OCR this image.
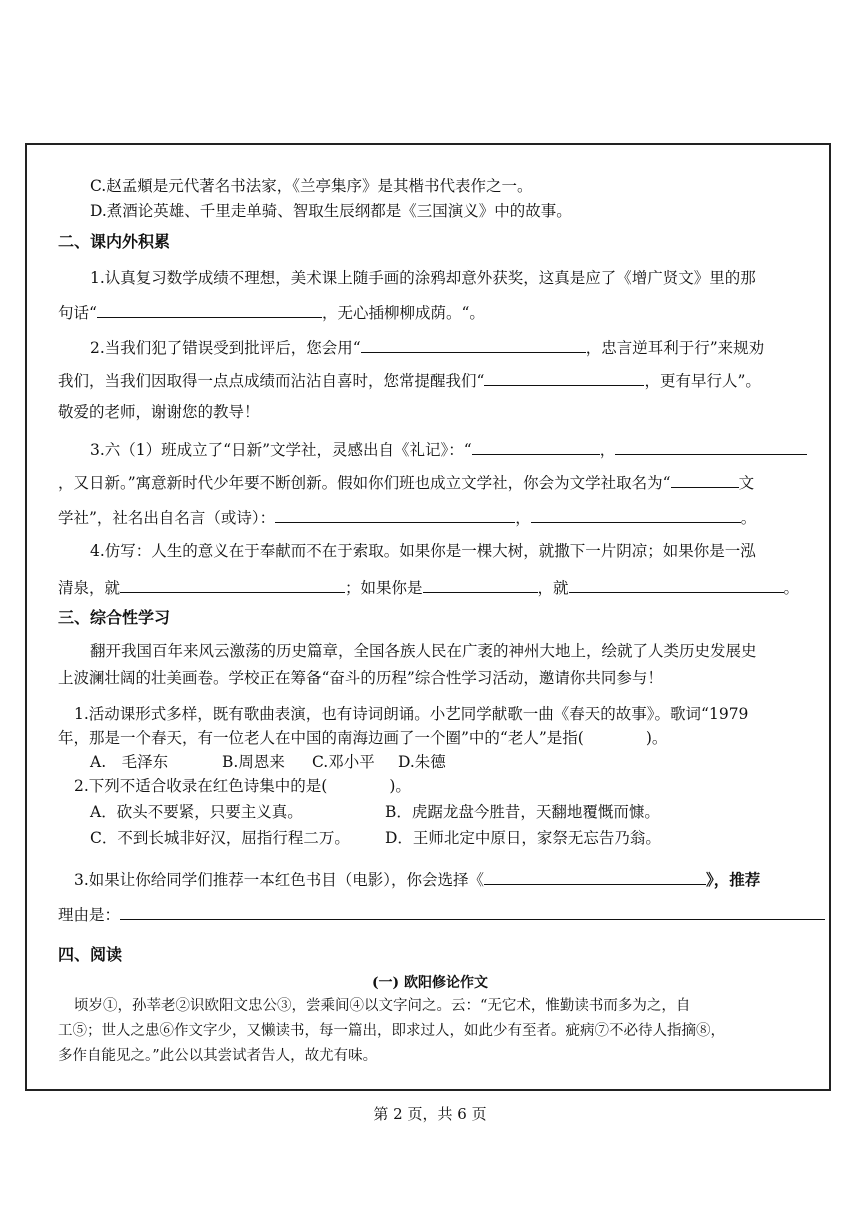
C.赵孟頫是元代著名书法家，《兰亭集序》是其楷书代表作之一。
D.煮酒论英雄、千里走单骑、智取生辰纲都是《三国演义》中的故事。
二、课内外积累
1.认真复习数学成绩不理想，美术课上随手画的涂鸦却意外获奖，这真是应了《增广贤文》里的那
句话“	，无心插柳柳成荫。“。
2.当我们犯了错误受到批评后，您会用“	，忠言逆耳利于行”来规劝
我们，当我们因取得一点点成绩而沾沾自喜时，您常提醒我们“	，更有早行人”。
敬爱的老师，谢谢您的教导！
3.六（1）班成立了“日新”文学社，灵感出自《礼记》：“	，
，又日新。”寓意新时代少年要不断创新。假如你们班也成立文学社，你会为文学社取名为“	文
学社”，社名出自名言（或诗）：	，	。
4.仿写：人生的意义在于奉献而不在于索取。如果你是一棵大树，就撒下一片阴凉；如果你是一泓
清泉，就	；如果你是	，就	。
三、综合性学习
翻开我国百年来风云激荡的历史篇章，全国各族人民在广袤的神州大地上，绘就了人类历史发展史
上波澜壮阔的壮美画卷。学校正在筹备“奋斗的历程”综合性学习活动，邀请你共同参与！
1.活动课形式多样，既有歌曲表演，也有诗词朗诵。小艺同学献歌一曲《春天的故事》。歌词“1979
年，那是一个春天，有一位老人在中国的南海边画了一个圈”中的“老人”是指(　　　　)。
A.　毛泽东	B.周恩来 C.邓小平 D.朱德
2.下列不适合收录在红色诗集中的是(　　　　)。
A．砍头不要紧，只要主义真。	B．虎踞龙盘今胜昔，天翻地覆慨而慷。
C．不到长城非好汉，屈指行程二万。 D．王师北定中原日，家祭无忘告乃翁。
3.如果让你给同学们推荐一本红色书目（电影），你会选择《	》，推荐
理由是：
四、阅读
(一) 欧阳修论作文
顷岁①，孙莘老②识欧阳文忠公③，尝乘间④以文字问之。云：“无它术，惟勤读书而多为之，自
工⑤；世人之患⑥作文字少，又懒读书，每一篇出，即求过人，如此少有至者。疵病⑦不必待人指摘⑧，
多作自能见之。”此公以其尝试者告人，故尤有味。
第 2 页，共 6 页
